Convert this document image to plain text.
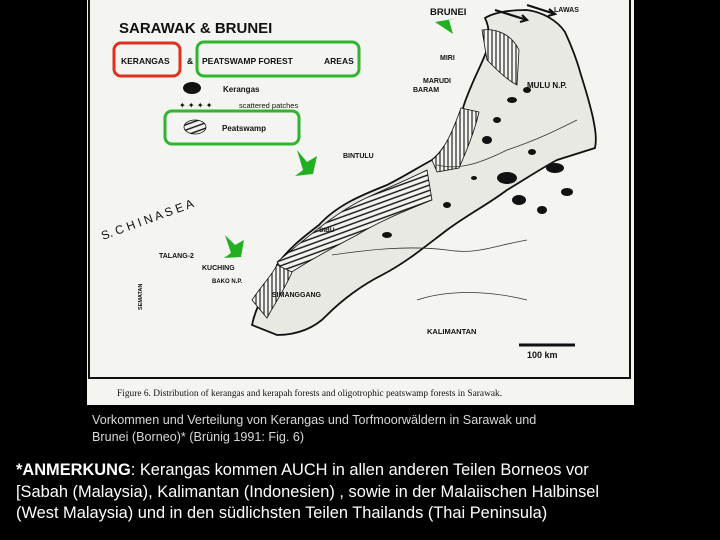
SARAWAK & BRUNEI
KERANGAS & PEATSWAMP FOREST	AREAS
Kerangas
✦ ✦ ✦ ✦	scattered patches
Peatswamp
BRUNEI	LAWAS
MIRI
MARUDI
BARAM
MULU N.P.
BINTULU
S. C H I N A S E A
TALANG-2
KUCHING
BAKO N.P.
SEMATAN
SIBU
SIMANGGANG
KALIMANTAN
100 km
Figure 6. Distribution of kerangas and kerapah forests and oligotrophic peatswamp forests in Sarawak.
Vorkommen und Verteilung von Kerangas und Torfmoorwäldern in Sarawak und
Brunei (Borneo)* (Brünig 1991: Fig. 6)
*ANMERKUNG: Kerangas kommen AUCH in allen anderen Teilen Borneos vor
[Sabah (Malaysia), Kalimantan (Indonesien) , sowie in der Malaiischen Halbinsel
(West Malaysia) und in den südlichsten Teilen Thailands (Thai Peninsula)
